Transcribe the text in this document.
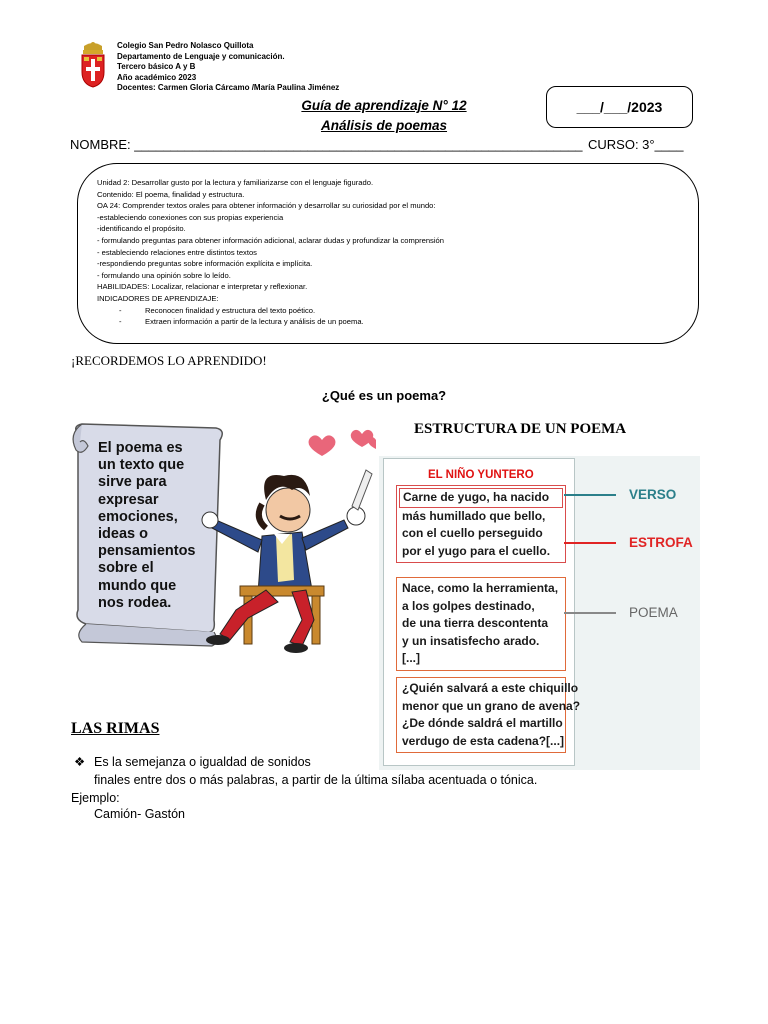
Colegio San Pedro Nolasco Quillota
Departamento de Lenguaje y comunicación.
Tercero básico A y B
Año académico 2023
Docentes: Carmen Gloria Cárcamo /María Paulina Jiménez
Guía de aprendizaje N° 12
Análisis de poemas
___/___/2023
NOMBRE: ______________________________________________________________ CURSO: 3°____
Unidad 2: Desarrollar gusto por la lectura y familiarizarse con el lenguaje figurado.
Contenido: El poema, finalidad y estructura.
OA 24: Comprender textos orales para obtener información y desarrollar su curiosidad por el mundo:
-estableciendo conexiones con sus propias experiencia
-identificando el propósito.
- formulando preguntas para obtener información adicional, aclarar dudas y profundizar la comprensión
- estableciendo relaciones entre distintos textos
-respondiendo preguntas sobre información explícita e implícita.
- formulando una opinión sobre lo leído.
HABILIDADES: Localizar, relacionar e interpretar y reflexionar.
INDICADORES DE APRENDIZAJE:
-	Reconocen finalidad y estructura del texto poético.
-	Extraen información a partir de la lectura y análisis de un poema.
¡RECORDEMOS LO APRENDIDO!
¿Qué es un poema?
ESTRUCTURA DE UN POEMA
El poema es
un texto que
sirve para
expresar
emociones,
ideas o
pensamientos
sobre el
mundo que
nos rodea.
EL NIÑO YUNTERO
Carne de yugo, ha nacido
más humillado que bello,
con el cuello perseguido
por el yugo para el cuello.
Nace, como la herramienta,
a los golpes destinado,
de una tierra descontenta
y un insatisfecho arado.
[...]
¿Quién salvará a este chiquillo
menor que un grano de avena?
¿De dónde saldrá el martillo
verdugo de esta cadena?[...]
VERSO
ESTROFA
POEMA
LAS RIMAS
❖ Es la semejanza o igualdad de sonidos
finales entre dos o más palabras, a partir de la última sílaba acentuada o tónica.
Ejemplo:
Camión- Gastón
